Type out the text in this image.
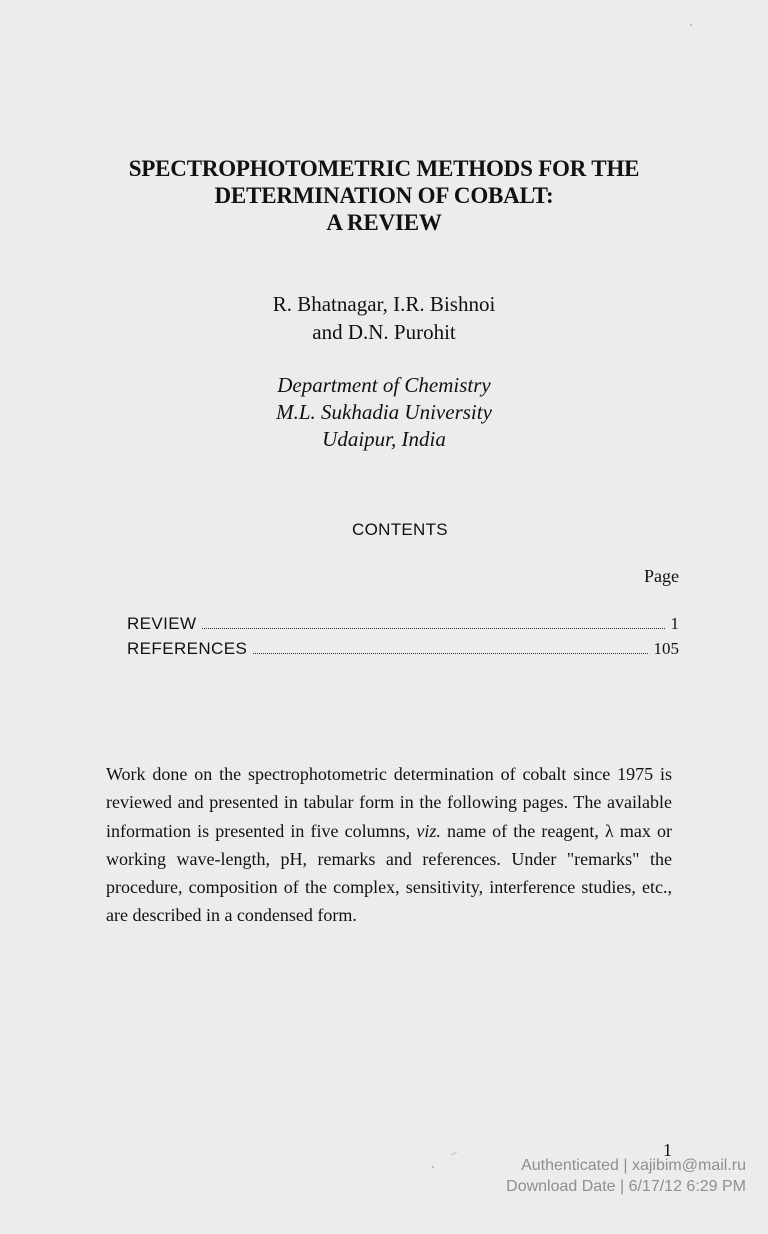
SPECTROPHOTOMETRIC METHODS FOR THE
DETERMINATION OF COBALT:
A REVIEW
R. Bhatnagar, I.R. Bishnoi
and D.N. Purohit
Department of Chemistry
M.L. Sukhadia University
Udaipur, India
CONTENTS
Page
REVIEW	1
REFERENCES	105
Work done on the spectrophotometric determination of cobalt since 1975 is reviewed and presented in tabular form in the following pages. The available information is presented in five columns, viz. name of the reagent, λ max or working wave-length, pH, remarks and references. Under "remarks" the procedure, composition of the complex, sensitivity, interference studies, etc., are described in a condensed form.
1
Authenticated | xajibim@mail.ru
Download Date | 6/17/12 6:29 PM
